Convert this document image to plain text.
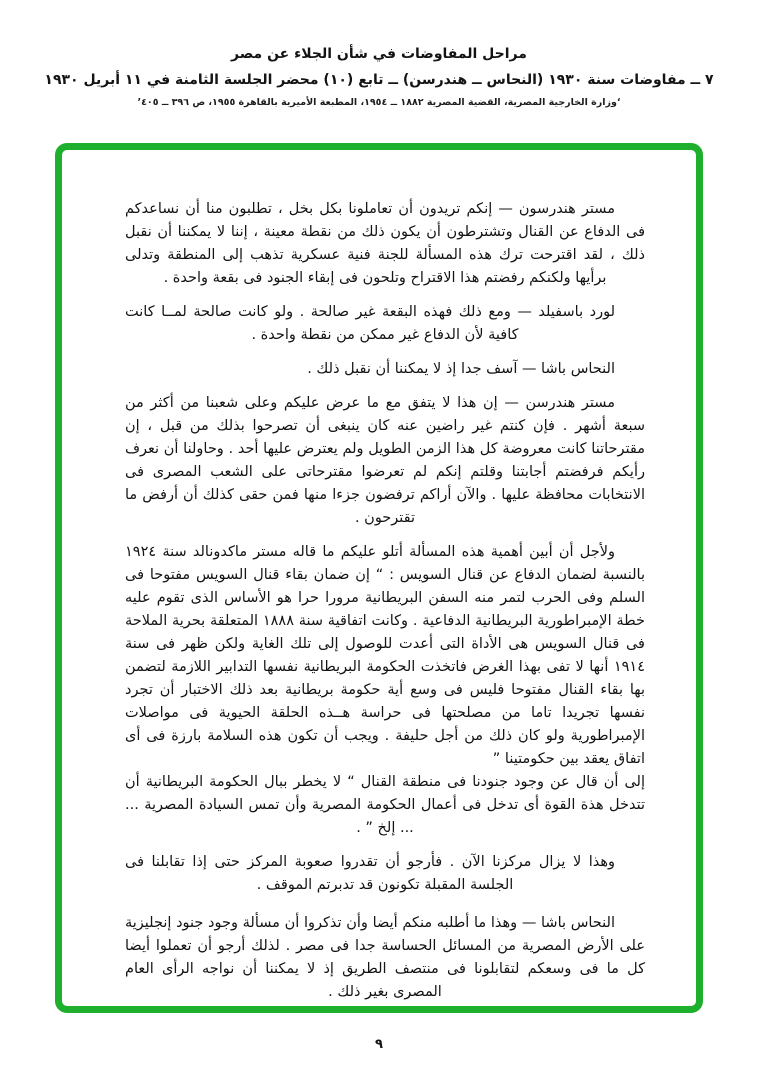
مراحل المفاوضات في شأن الجلاء عن مصر
٧ ــ مفاوضات سنة ١٩٣٠ (النحاس ــ هندرسن) ــ تابع (١٠) محضر الجلسة الثامنة في ١١ أبريل ١٩٣٠
‘وزارة الخارجية المصرية، القضية المصرية ١٨٨٢ ــ ١٩٥٤، المطبعة الأميرية بالقاهرة ١٩٥٥، ص ٣٩٦ ــ ٤٠٥’

مستر هندرسون — إنكم تريدون أن تعاملونا بكل بخل ، تطلبون منا أن نساعدكم فى الدفاع عن القنال وتشترطون أن يكون ذلك من نقطة معينة ، إننا لا يمكننا أن نقبل ذلك ، لقد اقترحت ترك هذه المسألة للجنة فنية عسكرية تذهب إلى المنطقة وتدلى برأيها ولكنكم رفضتم هذا الاقتراح وتلحون فى إبقاء الجنود فى بقعة واحدة .

لورد باسفيلد — ومع ذلك فهذه البقعة غير صالحة . ولو كانت صالحة لمــا كانت كافية لأن الدفاع غير ممكن من نقطة واحدة .

النحاس باشا — آسف جدا إذ لا يمكننا أن نقبل ذلك .

مستر هندرسن — إن هذا لا يتفق مع ما عرض عليكم وعلى شعبنا من أكثر من سبعة أشهر . فإن كنتم غير راضين عنه كان ينبغى أن تصرحوا بذلك من قبل ، إن مقترحاتنا كانت معروضة كل هذا الزمن الطويل ولم يعترض عليها أحد . وحاولنا أن نعرف رأيكم فرفضتم أجابتنا وقلتم إنكم لم تعرضوا مقترحاتى على الشعب المصرى فى الانتخابات محافظة عليها . والآن أراكم ترفضون جزءا منها فمن حقى كذلك أن أرفض ما تقترحون .

ولأجل أن أبين أهمية هذه المسألة أتلو عليكم ما قاله مستر ماكدونالد سنة ١٩٢٤ بالنسبة لضمان الدفاع عن قنال السويس : “ إن ضمان بقاء قنال السويس مفتوحا فى السلم وفى الحرب لتمر منه السفن البريطانية مرورا حرا هو الأساس الذى تقوم عليه خطة الإمبراطورية البريطانية الدفاعية . وكانت اتفاقية سنة ١٨٨٨ المتعلقة بحرية الملاحة فى قنال السويس هى الأداة التى أعدت للوصول إلى تلك الغاية ولكن ظهر فى سنة ١٩١٤ أنها لا تفى بهذا الغرض فاتخذت الحكومة البريطانية نفسها التدابير اللازمة لتضمن بها بقاء القنال مفتوحا فليس فى وسع أية حكومة بريطانية بعد ذلك الاختبار أن تجرد نفسها تجريدا تاما من مصلحتها فى حراسة هــذه الحلقة الحيوية فى مواصلات الإمبراطورية ولو كان ذلك من أجل حليفة . ويجب أن تكون هذه السلامة بارزة فى أى اتفاق يعقد بين حكومتينا ”

إلى أن قال عن وجود جنودنا فى منطقة القنال “ لا يخطر ببال الحكومة البريطانية أن تتدخل هذة القوة أى تدخل فى أعمال الحكومة المصرية وأن تمس السيادة المصرية ... ... إلخ ” .

وهذا لا يزال مركزنا الآن . فأرجو أن تقدروا صعوبة المركز حتى إذا تقابلنا فى الجلسة المقبلة تكونون قد تدبرتم الموقف .

النحاس باشا — وهذا ما أطلبه منكم أيضا وأن تذكروا أن مسألة وجود جنود إنجليزية على الأرض المصرية من المسائل الحساسة جدا فى مصر . لذلك أرجو أن تعملوا أيضا كل ما فى وسعكم لتقابلونا فى منتصف الطريق إذ لا يمكننا أن نواجه الرأى العام المصرى بغير ذلك .

٩
